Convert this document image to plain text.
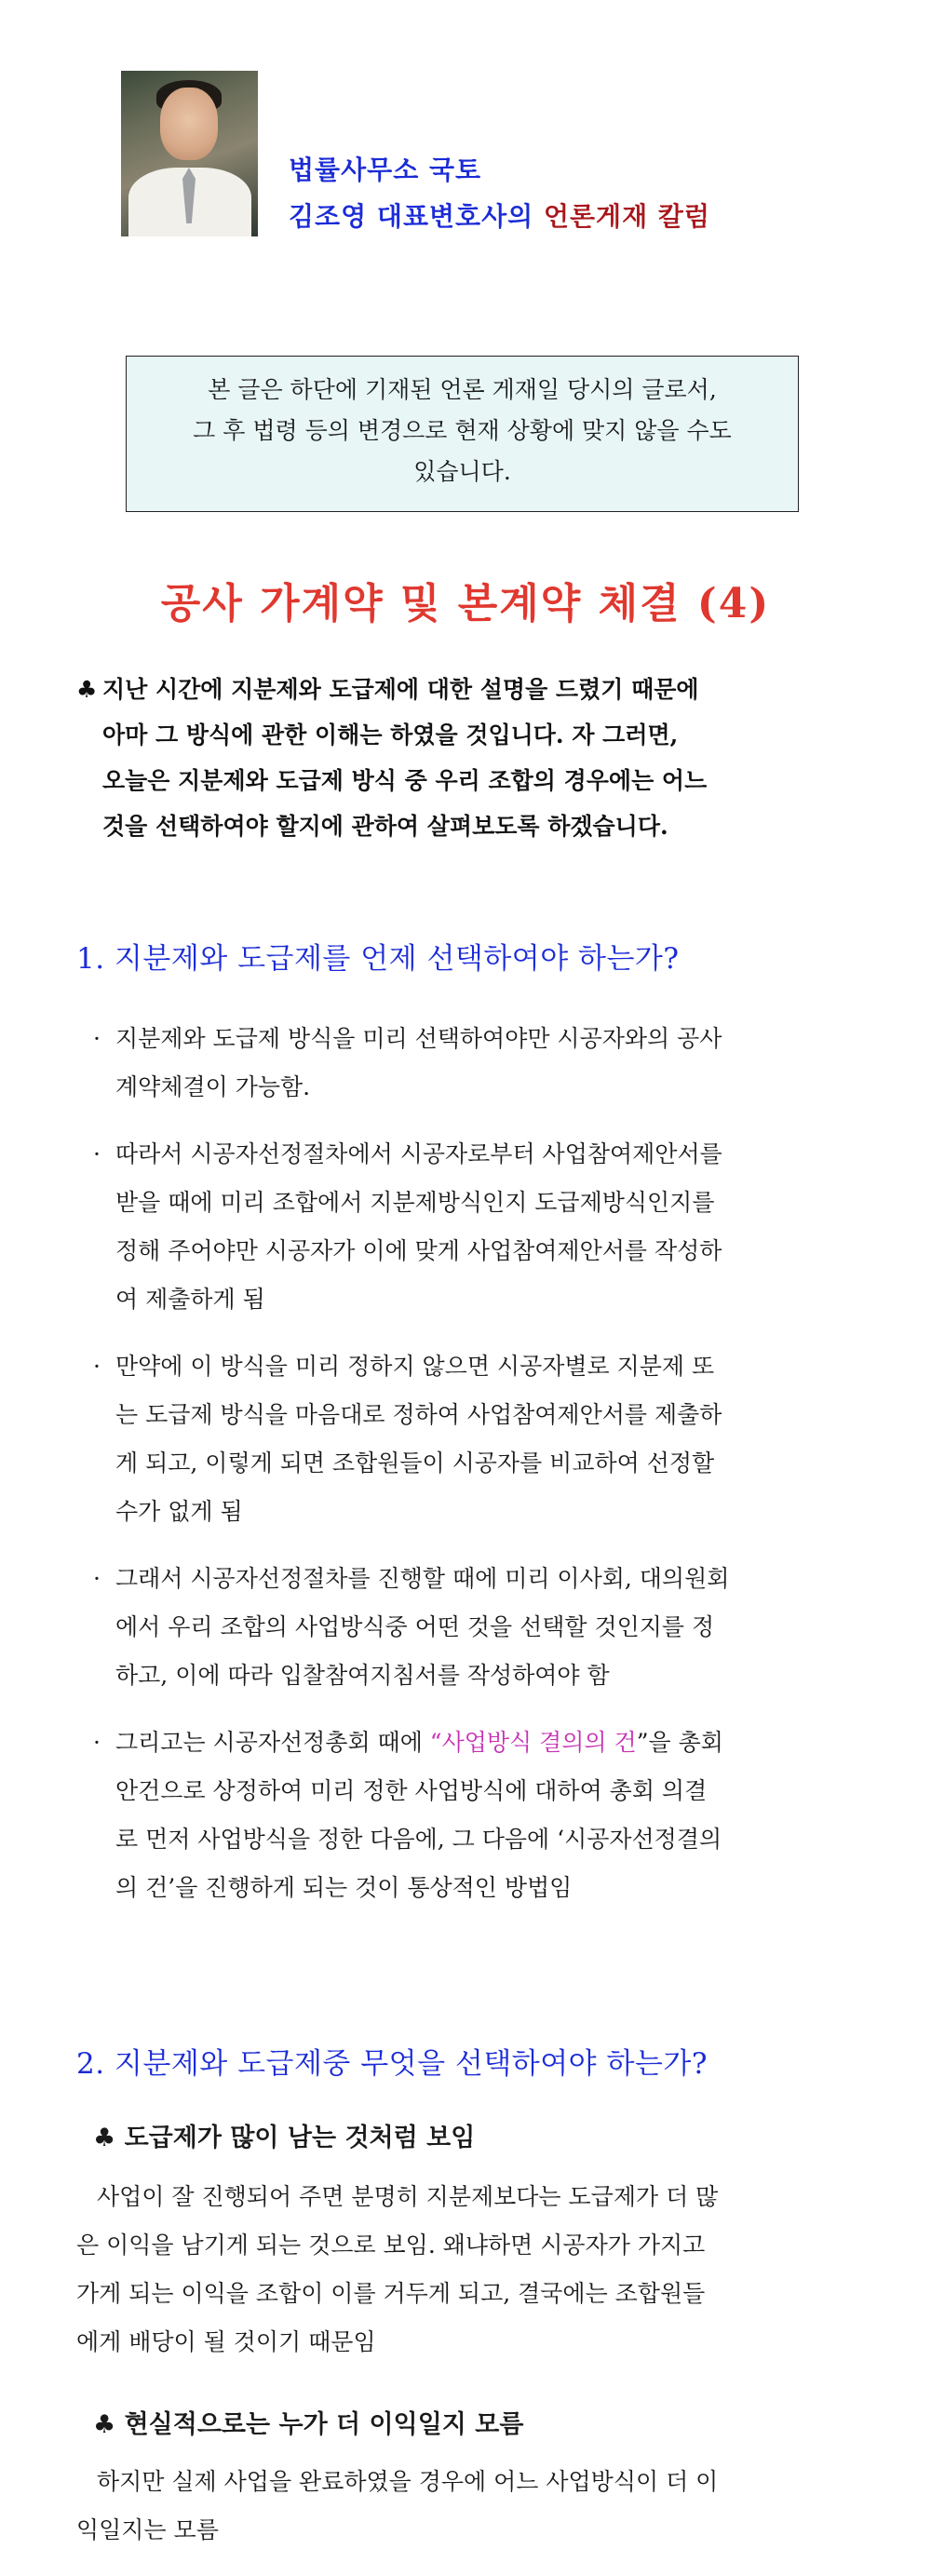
법률사무소 국토
김조영 대표변호사의 언론게재 칼럼
본 글은 하단에 기재된 언론 게재일 당시의 글로서,
그 후 법령 등의 변경으로 현재 상황에 맞지 않을 수도
있습니다.
공사 가계약 및 본계약 체결 (4)

♣ 지난 시간에 지분제와 도급제에 대한 설명을 드렸기 때문에

아마 그 방식에 관한 이해는 하였을 것입니다. 자 그러면,

오늘은 지분제와 도급제 방식 중 우리 조합의 경우에는 어느

것을 선택하여야 할지에 관하여 살펴보도록 하겠습니다.

1. 지분제와 도급제를 언제 선택하여야 하는가?
· 지분제와 도급제 방식을 미리 선택하여야만 시공자와의 공사
계약체결이 가능함.
· 따라서 시공자선정절차에서 시공자로부터 사업참여제안서를
받을 때에 미리 조합에서 지분제방식인지 도급제방식인지를
정해 주어야만 시공자가 이에 맞게 사업참여제안서를 작성하
여 제출하게 됨
· 만약에 이 방식을 미리 정하지 않으면 시공자별로 지분제 또
는 도급제 방식을 마음대로 정하여 사업참여제안서를 제출하
게 되고, 이렇게 되면 조합원들이 시공자를 비교하여 선정할
수가 없게 됨
· 그래서 시공자선정절차를 진행할 때에 미리 이사회, 대의원회
에서 우리 조합의 사업방식중 어떤 것을 선택할 것인지를 정
하고, 이에 따라 입찰참여지침서를 작성하여야 함
· 그리고는 시공자선정총회 때에 “사업방식 결의의 건”을 총회
안건으로 상정하여 미리 정한 사업방식에 대하여 총회 의결
로 먼저 사업방식을 정한 다음에, 그 다음에 ‘시공자선정결의
의 건’을 진행하게 되는 것이 통상적인 방법임
2. 지분제와 도급제중 무엇을 선택하여야 하는가?
♣ 도급제가 많이 남는 것처럼 보임
사업이 잘 진행되어 주면 분명히 지분제보다는 도급제가 더 많
은 이익을 남기게 되는 것으로 보임. 왜냐하면 시공자가 가지고
가게 되는 이익을 조합이 이를 거두게 되고, 결국에는 조합원들
에게 배당이 될 것이기 때문임
♣ 현실적으로는 누가 더 이익일지 모름
하지만 실제 사업을 완료하였을 경우에 어느 사업방식이 더 이
익일지는 모름
